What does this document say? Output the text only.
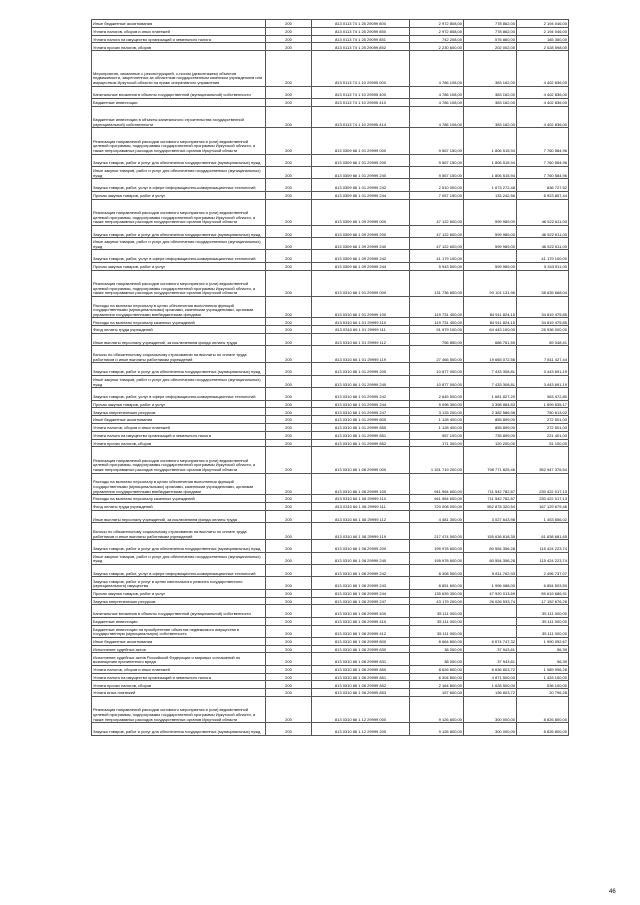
Иные бюджетные ассигнования	200	813 0113 74 1 25 29099 800	2 972 808,00	778 862,00	2 194 046,00
Уплата налогов, сборов и иных платежей	200	813 0113 74 1 25 29099 850	2 972 808,00	778 862,00	2 194 046,00
Уплата налога на имущество организаций и земельного налога	200	813 0113 74 1 25 29099 851	742 208,00	576 860,00	165 350,00
Уплата прочих налогов, сборов	200	813 0113 74 1 25 29099 852	2 230 600,00	202 002,00	2 028 598,00
Мероприятия, связанные с реконструкцией, с-носом (демонтажем) объектов недвижимости, закрепленных за областным государственным казенным учреждением или имуществом Иркутской области на праве оперативного управления	200	813 0113 74 1 10 29595 000	4 786 108,00	383 162,00	4 402 836,00
Капитальные вложения в объекты государственной (муниципальной) собственности	200	813 0113 74 1 10 29595 400	4 786 108,00	383 162,00	4 402 836,00
Бюджетные инвестиции	200	813 0113 74 1 10 29595 410	4 786 108,00	383 162,00	4 402 836,00
Бюджетные инвестиции в объекты капитального строительства государственной (муниципальной) собственности	200	813 0113 74 1 10 29595 414	4 786 108,00	383 162,00	4 402 836,00
Реализация направлений расходов основного мероприятия и (или) ведомственной целевой программы, подпрограммы государственной программы Иркутской области, а также непрограммных расходов государственных органов Иркутской области	200	813 0309 66 1 01 29999 000	9 567 150,00	1 806 515,94	7 760 584,96
Закупка товаров, работ и услуг для обеспечения государственных (муниципальных) нужд	200	813 0309 66 1 01 29999 200	9 567 150,00	1 806 515,94	7 760 584,96
Иные закупки товаров, работ и услуг для обеспечения государственных (муниципальных) нужд	200	813 0309 66 1 01 29999 240	9 567 150,00	1 806 515,94	7 760 584,96
Закупка товаров, работ, услуг в сфере информационно-коммуникационных технологий	200	813 0309 66 1 01 29999 242	2 510 000,00	1 673 272,48	836 727,52
Прочая закупка товаров, работ и услуг	200	813 0309 66 1 01 29999 244	7 057 150,00	133 242,56	6 923 857,44
Реализация направлений расходов основного мероприятия и (или) ведомственной целевой программы, подпрограммы государственной программы Иркутской области, а также непрограммных расходов государственных органов Иркутской области	200	813 0309 66 1 09 29999 000	47 122 600,00	599 989,00	46 522 611,00
Закупка товаров, работ и услуг для обеспечения государственных (муниципальных) нужд	200	813 0309 66 1 09 29999 200	47 122 600,00	599 989,00	46 522 611,00
Иные закупки товаров, работ и услуг для обеспечения государственных (муниципальных) нужд	200	813 0309 66 1 09 29999 240	47 122 600,00	599 989,00	46 522 611,00
Закупка товаров, работ, услуг в сфере информационно-коммуникационных технологий	200	813 0309 66 1 09 29999 242	41 179 100,00		41 179 100,00
Прочая закупка товаров, работ и услуг	200	813 0309 66 1 09 29999 244	5 943 500,00	599 989,00	5 343 511,00
Реализация направлений расходов основного мероприятия и (или) ведомственной целевой программы, подпрограммы государственной программы Иркутской области, а также непрограммных расходов государственных органов Иркутской области	200	813 0310 66 1 01 29999 000	131 736 800,00	93 101 131,96	38 635 668,04
Расходы на выплаты персоналу в целях обеспечения выполнения функций государственными (муниципальными) органами, казенными учреждениями, органами управления государственными внебюджетными фондами	200	813 0310 66 1 01 29999 100	119 731 400,00	84 911 824,15	34 819 475,85
Расходы на выплаты персоналу казенных учреждений	200	813 0310 66 1 01 29999 110	119 731 400,00	84 911 824,15	34 819 475,85
Фонд оплаты труда учреждений	200	813 0310 66 1 01 29999 111	91 979 100,00	64 443 100,00	26 936 000,00
Иные выплаты персоналу учреждений, за исключением фонда оплаты труда	200	813 0310 66 1 01 29999 112	756 850,00	686 761,59	69 048,41
Взносы по обязательному социальному страхованию на выплаты по оплате труда работников и иные выплаты работникам учреждений	200	813 0310 66 1 01 29999 119	27 466 500,00	19 665 072,56	7 811 427,44
Закупка товаров, работ и услуг для обеспечения государственных (муниципальных) нужд	200	813 0310 66 1 01 29999 200	10 877 000,00	7 433 308,81	3 443 691,19
Иные закупки товаров, работ и услуг для обеспечения государственных (муниципальных) нужд	200	813 0310 66 1 01 29999 240	10 877 000,00	7 433 308,81	3 443 691,19
Закупка товаров, работ, услуг в сфере информационно-коммуникационных технологий	200	813 0310 66 1 01 29999 242	2 645 500,00	1 681 827,20	963 472,80
Прочая закупка товаров, работ и услуг	200	813 0310 66 1 01 29999 244	5 098 300,00	3 398 884,83	1 699 635,17
Закупка энергетических ресурсов	200	813 0310 66 1 01 29999 247	3 133 200,00	2 382 586,98	750 613,02
Иные бюджетные ассигнования	200	813 0310 66 1 01 29999 800	1 128 400,00	855 899,00	272 501,00
Уплата налогов, сборов и иных платежей	200	813 0310 66 1 01 29999 850	1 128 400,00	855 899,00	272 501,00
Уплата налога на имущество организаций и земельного налога	200	813 0310 66 1 01 29999 851	957 100,00	735 899,00	221 401,00
Уплата прочих налогов, сборов	200	813 0310 66 1 01 29999 852	171 300,00	120 200,00	51 100,00
Реализация направлений расходов основного мероприятия и (или) ведомственной целевой программы, подпрограммы государственной программы Иркутской области, а также непрограммных расходов государственных органов Иркутской области	200	813 0310 66 1 08 29999 000	1 151 719 200,00	798 771 825,46	352 947 376,54
Расходы на выплаты персоналу в целях обеспечения выполнения функций государственными (муниципальными) органами, казенными учреждениями, органами управления государственными внебюджетными фондами	200	813 0310 66 1 08 29999 100	941 964 600,00	711 542 782,87	230 422 017,13
Расходы на выплаты персоналу казенных учреждений	200	813 0310 66 1 08 29999 110	941 964 600,00	711 542 782,87	230 422 017,13
Фонд оплаты труда учреждений	200	813 0310 66 1 08 29999 111	720 008 000,00	552 878 320,54	167 129 679,46
Иные выплаты персоналу учреждений, за исключением фонда оплаты труда	200	813 0310 66 1 08 29999 112	4 481 300,00	3 027 643,98	1 453 656,02
Взносы по обязательному социальному страхованию на выплаты по оплате труда работников и иные выплаты работникам учреждений	200	813 0310 66 1 08 29999 119	217 474 500,00	155 636 818,35	61 838 681,65
Закупка товаров, работ и услуг для обеспечения государственных (муниципальных) нужд	200	813 0310 66 1 08 29999 200	195 978 600,00	80 554 356,28	115 424 223,74
Иные закупки товаров, работ и услуг для обеспечения государственных (муниципальных) нужд	200	813 0310 66 1 08 29999 240	195 978 600,00	80 554 356,28	115 424 223,74
Закупка товаров, работ, услуг в сфере информационно-коммуникационных технологий	200	813 0310 66 1 08 29999 242	8 308 500,00	5 811 762,93	2 496 737,07
Закупка товаров, работ и услуг в целях капитального ремонта государственного (муниципального) имущества	200	813 0310 66 1 08 29999 243	8 851 600,00	1 996 088,00	6 854 503,50
Прочая закупка товаров, работ и услуг	200	813 0310 66 1 08 29999 244	135 639 300,00	47 920 013,69	89 619 686,91
Закупка энергетических ресурсов	200	813 0310 66 1 08 29999 247	43 179 200,00	26 026 533,74	17 152 676,26
Капитальные вложения в объекты государственной (муниципальной) собственности	200	813 0310 66 1 08 29999 400	35 111 000,00		35 111 000,00
Бюджетные инвестиции	200	813 0310 66 1 08 29999 410	35 111 000,00		35 111 000,00
Бюджетные инвестиции на приобретение объектов недвижимого имущества в государственную (муниципальную) собственность	200	813 0310 66 1 08 29999 412	35 111 000,00		35 111 000,00
Иные бюджетные ассигнования	200	813 0310 66 1 08 29999 800	8 664 800,00	6 674 747,32	1 990 052,67
Исполнение судебных актов	200	813 0310 66 1 08 29999 830	38 000,00	37 943,61	56,39
Исполнение судебных актов Российской Федерации и мировых соглашений по возмещению причиненного вреда	200	813 0310 66 1 08 29999 831	38 000,00	37 943,61	56,39
Уплата налогов, сборов и иных платежей	200	813 0310 66 1 08 29999 850	8 626 800,00	6 636 803,72	1 989 996,28
Уплата налога на имущество организаций и земельного налога	200	813 0310 66 1 08 29999 851	6 304 800,00	4 871 500,00	1 433 100,00
Уплата прочих налогов, сборов	200	813 0310 66 1 08 29999 852	2 164 800,00	1 628 500,00	536 100,00
Уплата иных платежей	200	813 0310 66 1 08 29999 853	157 600,00	136 803,72	20 796,28
Реализация направлений расходов основного мероприятия и (или) ведомственной целевой программы, подпрограммы государственной программы Иркутской области, а также непрограммных расходов государственных органов Иркутской области	200	813 0310 66 1 12 29999 000	9 126 800,00	300 000,00	8 826 800,00
Закупка товаров, работ и услуг для обеспечения государственных (муниципальных) нужд	200	813 0310 66 1 12 29999 200	9 126 800,00	300 000,00	8 826 800,00
46
